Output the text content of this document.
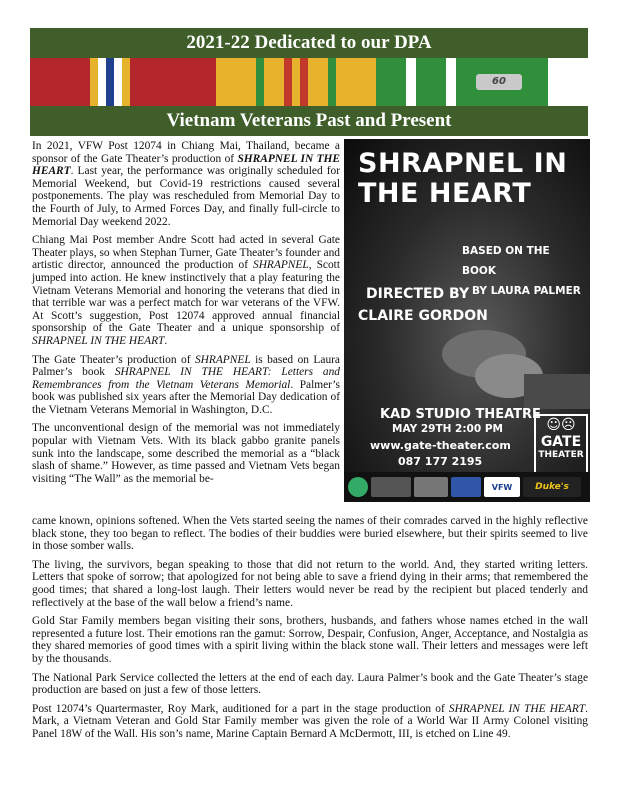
2021-22 Dedicated to our DPA
60
Vietnam Veterans Past and Present

In 2021, VFW Post 12074 in Chiang Mai, Thailand, became a sponsor of the Gate Theater’s production of SHRAPNEL IN THE HEART. Last year, the performance was originally scheduled for Memorial Weekend, but Covid-19 restrictions caused several postponements. The play was rescheduled from Memorial Day to the Fourth of July, to Armed Forces Day, and finally full-circle to Memorial Day weekend 2022.

Chiang Mai Post member Andre Scott had acted in several Gate Theater plays, so when Stephan Turner, Gate Theater’s founder and artistic director, announced the production of SHRAPNEL, Scott jumped into action. He knew instinctively that a play featuring the Vietnam Veterans Memorial and honoring the veterans that died in that terrible war was a perfect match for war veterans of the VFW. At Scott’s suggestion, Post 12074 approved annual financial sponsorship of the Gate Theater and a unique sponsorship of SHRAPNEL IN THE HEART.

The Gate Theater’s production of SHRAPNEL is based on Laura Palmer’s book SHRAPNEL IN THE HEART: Letters and Remembrances from the Vietnam Veterans Memorial. Palmer’s book was published six years after the Memorial Day dedication of the Vietnam Veterans Memorial in Washington, D.C.

The unconventional design of the memorial was not immediately popular with Vietnam Vets. With its black gabbo granite panels sunk into the landscape, some described the memorial as a “black slash of shame.” However, as time passed and Vietnam Vets began visiting “The Wall” as the memorial be-

came known, opinions softened. When the Vets started seeing the names of their comrades carved in the highly reflective black stone, they too began to reflect. The bodies of their buddies were buried elsewhere, but their spirits seemed to live in those somber walls.

The living, the survivors, began speaking to those that did not return to the world. And, they started writing letters. Letters that spoke of sorrow; that apologized for not being able to save a friend dying in their arms; that remembered the good times; that shared a long-lost laugh. Their letters would never be read by the recipient but placed tenderly and reflectively at the base of the wall below a friend’s name.

Gold Star Family members began visiting their sons, brothers, husbands, and fathers whose names etched in the wall represented a future lost. Their emotions ran the gamut: Sorrow, Despair, Confusion, Anger, Acceptance, and Nostalgia as they shared memories of good times with a spirit living within the black stone wall. Their letters and messages were left by the thousands.

The National Park Service collected the letters at the end of each day. Laura Palmer’s book and the Gate Theater’s stage production are based on just a few of those letters.

Post 12074’s Quartermaster, Roy Mark, auditioned for a part in the stage production of SHRAPNEL IN THE HEART. Mark, a Vietnam Veteran and Gold Star Family member was given the role of a World War II Army Colonel visiting Panel 18W of the Wall. His son’s name, Marine Captain Bernard A McDermott, III, is etched on Line 49.

SHRAPNEL IN THE HEART
BASED ON THE BOOK
BY LAURA PALMER
DIRECTED BY
CLAIRE GORDON
KAD STUDIO THEATRE
MAY 29TH 2:00 PM
www.gate-theater.com
087 177 2195
☺☹
GATE
THEATER
VFW	Duke's
